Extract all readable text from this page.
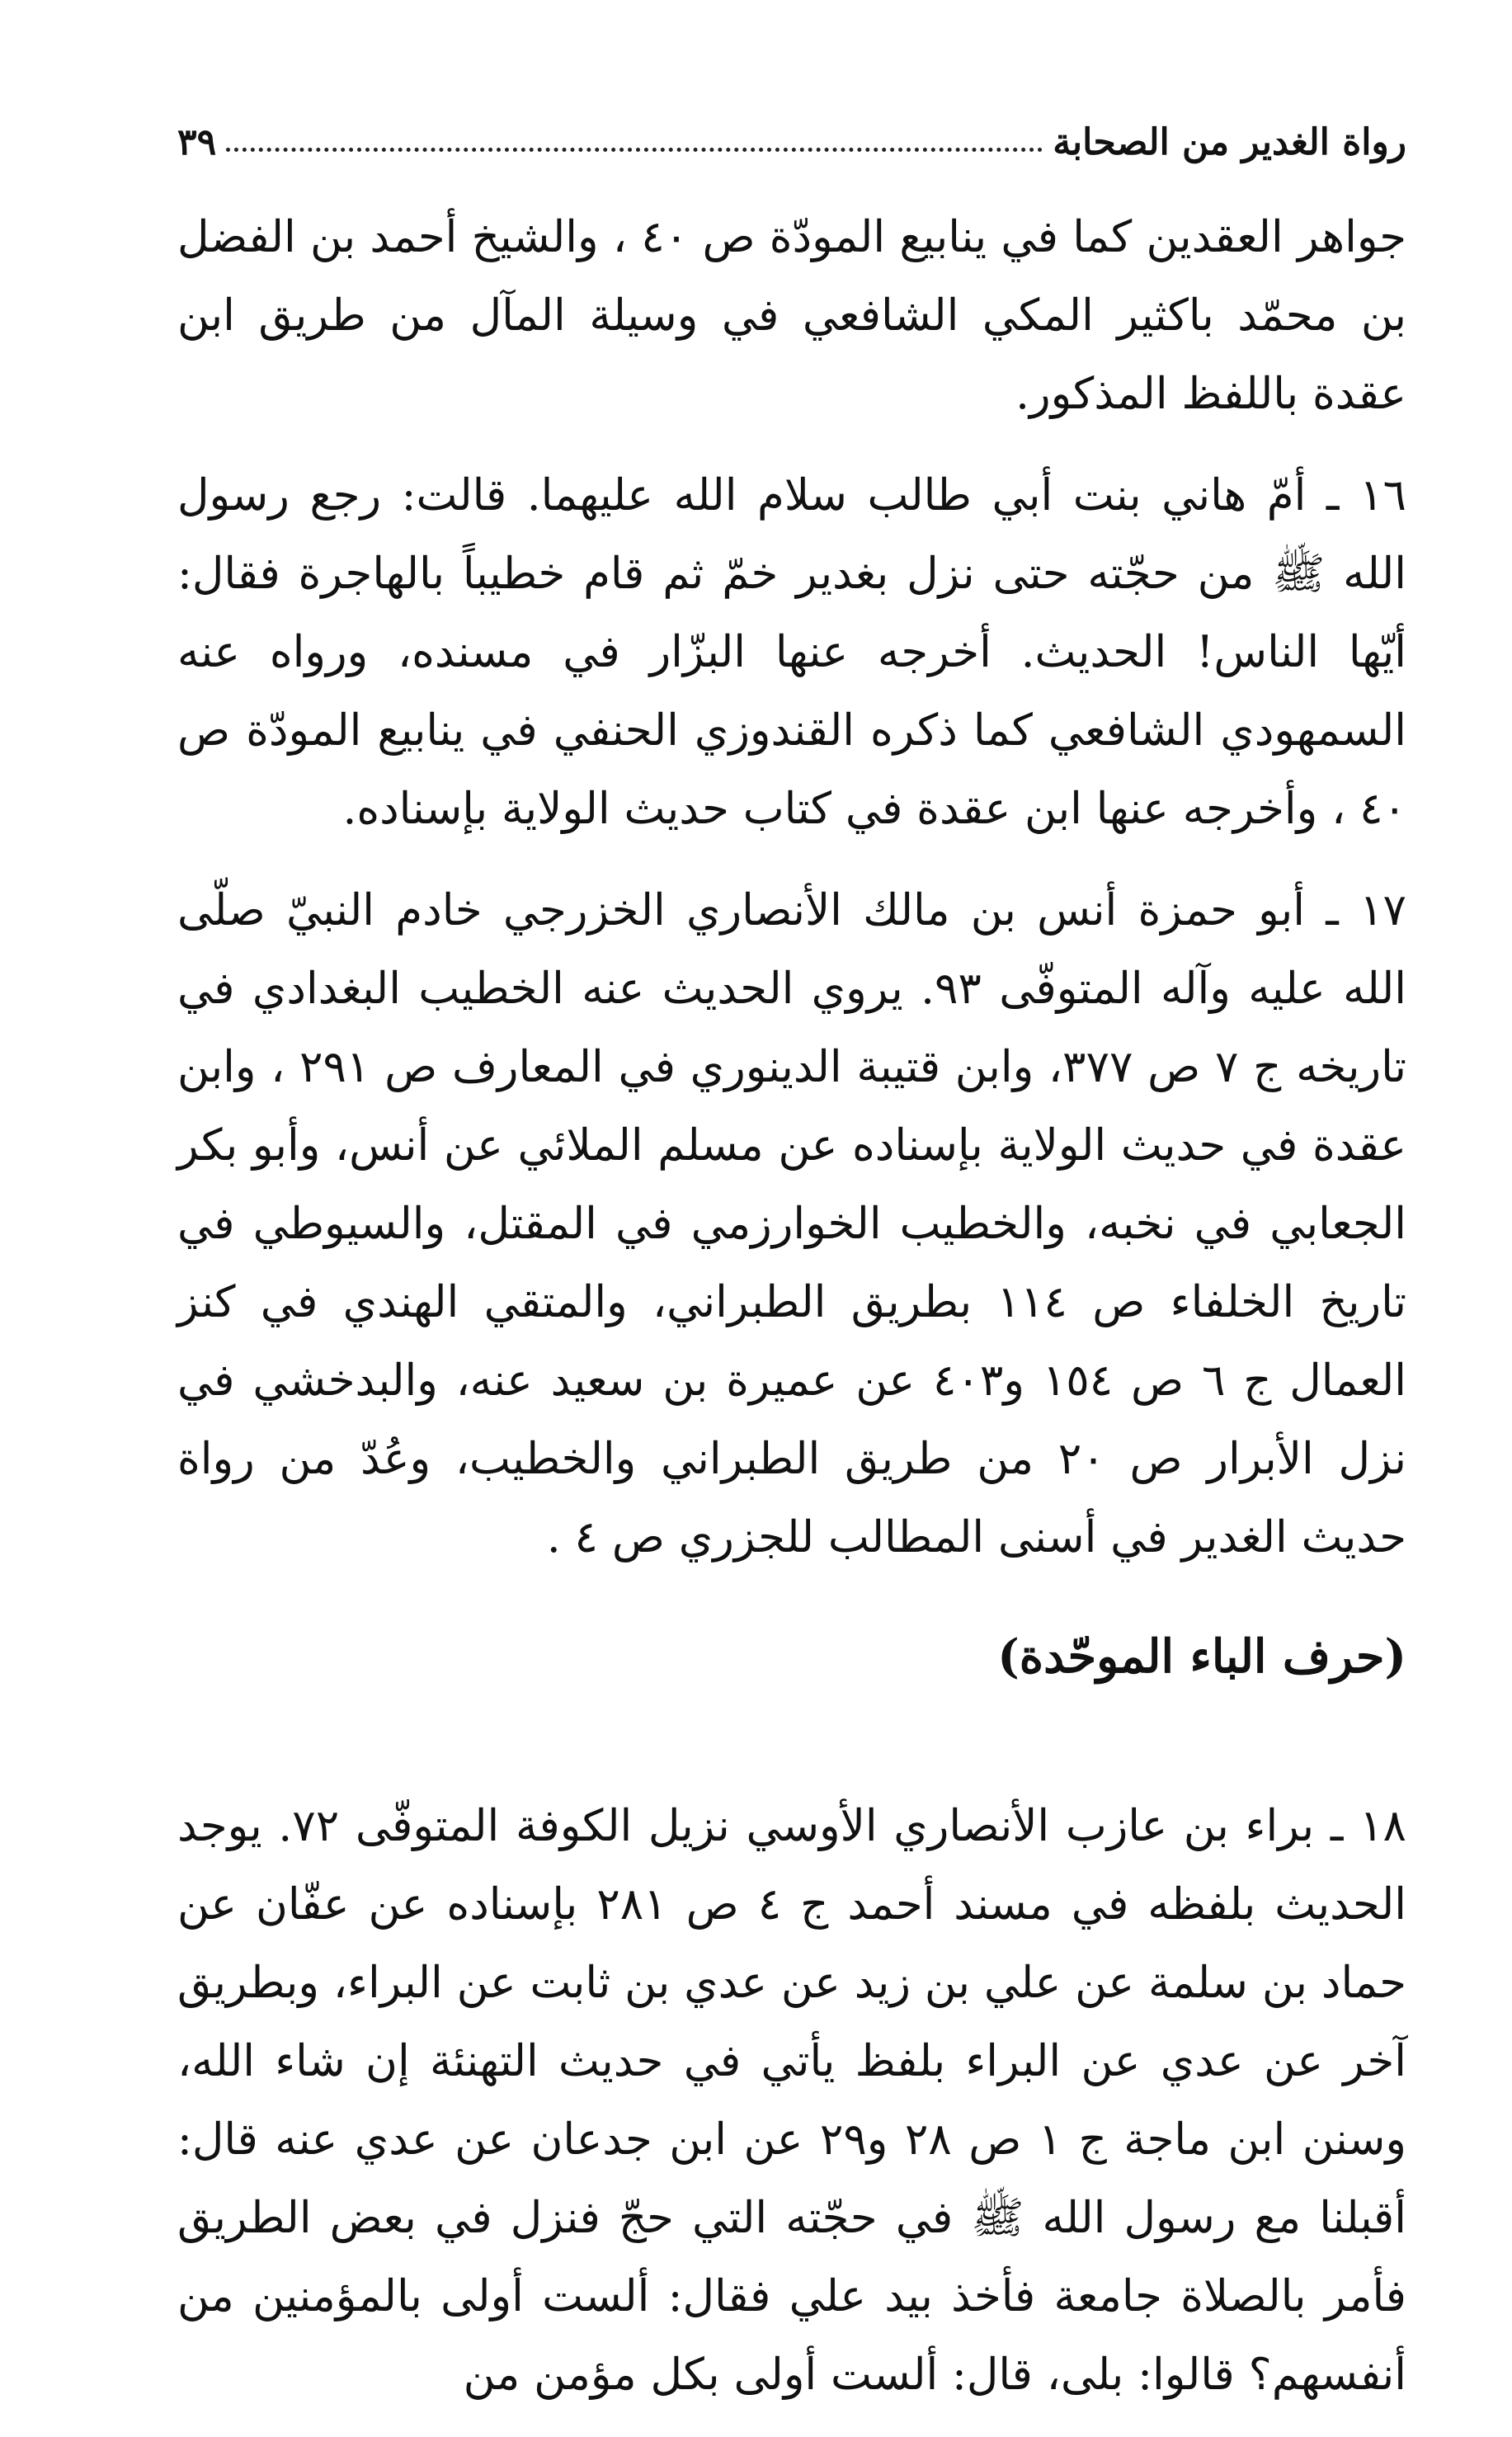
رواة الغدير من الصحابة
٣٩

جواهر العقدين كما في ينابيع المودّة ص ٤٠ ، والشيخ أحمد بن الفضل بن محمّد باكثير المكي الشافعي في وسيلة المآل من طريق ابن عقدة باللفظ المذكور.

١٦ ـ أمّ هاني بنت أبي طالب سلام الله عليهما. قالت: رجع رسول الله ﷺ من حجّته حتى نزل بغدير خمّ ثم قام خطيباً بالهاجرة فقال: أيّها الناس! الحديث. أخرجه عنها البزّار في مسنده، ورواه عنه السمهودي الشافعي كما ذكره القندوزي الحنفي في ينابيع المودّة ص ٤٠ ، وأخرجه عنها ابن عقدة في كتاب حديث الولاية بإسناده.

١٧ ـ أبو حمزة أنس بن مالك الأنصاري الخزرجي خادم النبيّ صلّى الله عليه وآله المتوفّى ٩٣. يروي الحديث عنه الخطيب البغدادي في تاريخه ج ٧ ص ٣٧٧، وابن قتيبة الدينوري في المعارف ص ٢٩١ ، وابن عقدة في حديث الولاية بإسناده عن مسلم الملائي عن أنس، وأبو بكر الجعابي في نخبه، والخطيب الخوارزمي في المقتل، والسيوطي في تاريخ الخلفاء ص ١١٤ بطريق الطبراني، والمتقي الهندي في كنز العمال ج ٦ ص ١٥٤ و٤٠٣ عن عميرة بن سعيد عنه، والبدخشي في نزل الأبرار ص ٢٠ من طريق الطبراني والخطيب، وعُدّ من رواة حديث الغدير في أسنى المطالب للجزري ص ٤ .

(حرف الباء الموحّدة)

١٨ ـ براء بن عازب الأنصاري الأوسي نزيل الكوفة المتوفّى ٧٢. يوجد الحديث بلفظه في مسند أحمد ج ٤ ص ٢٨١ بإسناده عن عفّان عن حماد بن سلمة عن علي بن زيد عن عدي بن ثابت عن البراء، وبطريق آخر عن عدي عن البراء بلفظ يأتي في حديث التهنئة إن شاء الله، وسنن ابن ماجة ج ١ ص ٢٨ و٢٩ عن ابن جدعان عن عدي عنه قال: أقبلنا مع رسول الله ﷺ في حجّته التي حجّ فنزل في بعض الطريق فأمر بالصلاة جامعة فأخذ بيد علي فقال: ألست أولى بالمؤمنين من أنفسهم؟ قالوا: بلى، قال: ألست أولى بكل مؤمن من
